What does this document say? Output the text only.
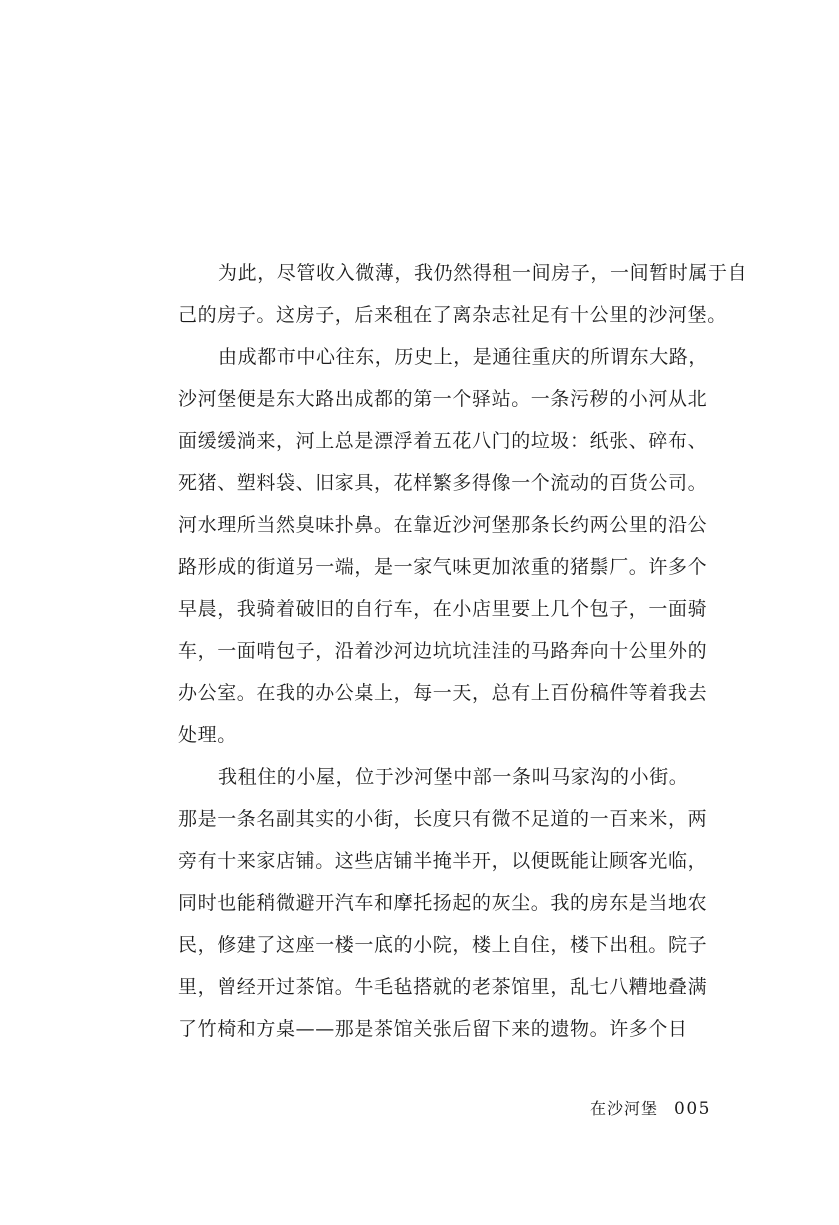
为此，尽管收入微薄，我仍然得租一间房子，一间暂时属于自
己的房子。这房子，后来租在了离杂志社足有十公里的沙河堡。
由成都市中心往东，历史上，是通往重庆的所谓东大路，
沙河堡便是东大路出成都的第一个驿站。一条污秽的小河从北
面缓缓淌来，河上总是漂浮着五花八门的垃圾：纸张、碎布、
死猪、塑料袋、旧家具，花样繁多得像一个流动的百货公司。
河水理所当然臭味扑鼻。在靠近沙河堡那条长约两公里的沿公
路形成的街道另一端，是一家气味更加浓重的猪鬃厂。许多个
早晨，我骑着破旧的自行车，在小店里要上几个包子，一面骑
车，一面啃包子，沿着沙河边坑坑洼洼的马路奔向十公里外的
办公室。在我的办公桌上，每一天，总有上百份稿件等着我去
处理。
我租住的小屋，位于沙河堡中部一条叫马家沟的小街。
那是一条名副其实的小街，长度只有微不足道的一百来米，两
旁有十来家店铺。这些店铺半掩半开，以便既能让顾客光临，
同时也能稍微避开汽车和摩托扬起的灰尘。我的房东是当地农
民，修建了这座一楼一底的小院，楼上自住，楼下出租。院子
里，曾经开过茶馆。牛毛毡搭就的老茶馆里，乱七八糟地叠满
了竹椅和方桌——那是茶馆关张后留下来的遗物。许多个日
在沙河堡 005
